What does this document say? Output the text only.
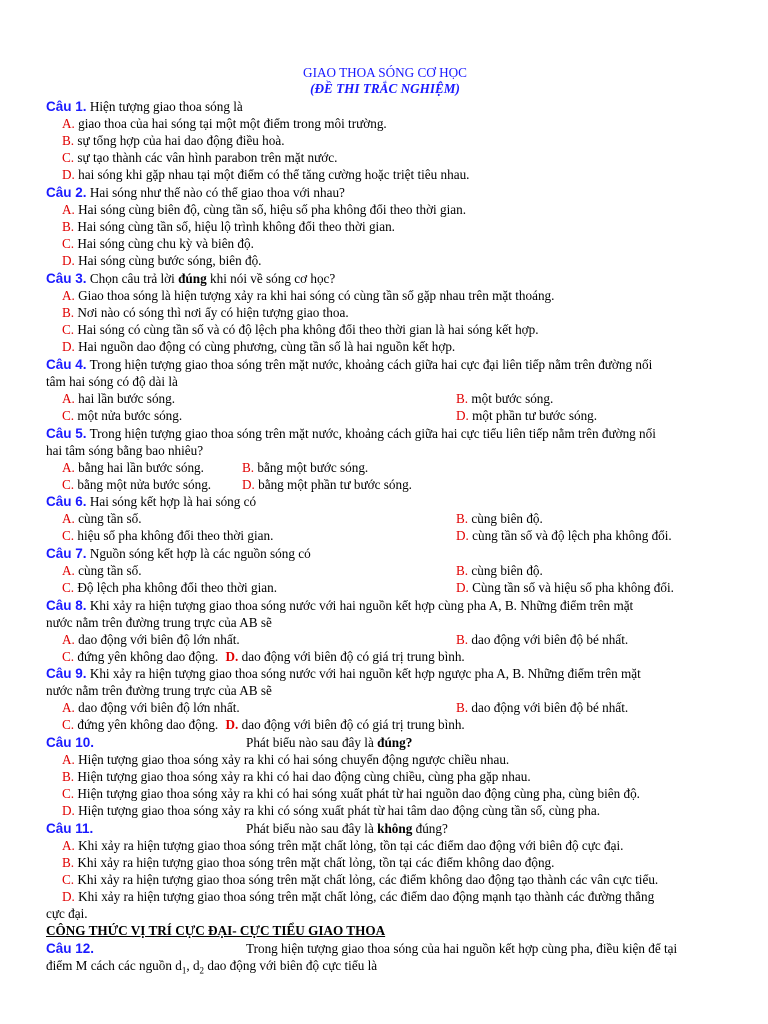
GIAO THOA SÓNG CƠ HỌC
(ĐỀ THI TRẮC NGHIỆM)
Câu 1. Hiện tượng giao thoa sóng là
A. giao thoa của hai sóng tại một một điểm trong môi trường.
B. sự tổng hợp của hai dao động điều hoà.
C. sự tạo thành các vân hình parabon trên mặt nước.
D. hai sóng khi gặp nhau tại một điểm có thể tăng cường hoặc triệt tiêu nhau.
Câu 2. Hai sóng như thế nào có thể giao thoa với nhau?
A. Hai sóng cùng biên độ, cùng tần số, hiệu số pha không đổi theo thời gian.
B. Hai sóng cùng tần số, hiệu lộ trình không đổi theo thời gian.
C. Hai sóng cùng chu kỳ và biên độ.
D. Hai sóng cùng bước sóng, biên độ.
Câu 3. Chọn câu trả lời đúng khi nói về sóng cơ học?
A. Giao thoa sóng là hiện tượng xảy ra khi hai sóng có cùng tần số gặp nhau trên mặt thoáng.
B. Nơi nào có sóng thì nơi ấy có hiện tượng giao thoa.
C. Hai sóng có cùng tần số và có độ lệch pha không đổi theo thời gian là hai sóng kết hợp.
D. Hai nguồn dao động có cùng phương, cùng tần số là hai nguồn kết hợp.
Câu 4. Trong hiện tượng giao thoa sóng trên mặt nước, khoảng cách giữa hai cực đại liên tiếp nằm trên đường nối
tâm hai sóng có độ dài là
A. hai lần bước sóng.	B. một bước sóng.
C. một nửa bước sóng.	D. một phần tư bước sóng.
Câu 5. Trong hiện tượng giao thoa sóng trên mặt nước, khoảng cách giữa hai cực tiểu liên tiếp nằm trên đường nối
hai tâm sóng bằng bao nhiêu?
A. bằng hai lần bước sóng.	B. bằng một bước sóng.
C. bằng một nửa bước sóng. D. bằng một phần tư bước sóng.
Câu 6. Hai sóng kết hợp là hai sóng có
A. cùng tần số.	B. cùng biên độ.
C. hiệu số pha không đổi theo thời gian.	D. cùng tần số và độ lệch pha không đổi.
Câu 7. Nguồn sóng kết hợp là các nguồn sóng có
A. cùng tần số.	B. cùng biên độ.
C. Độ lệch pha không đổi theo thời gian.	D. Cùng tần số và hiệu số pha không đổi.
Câu 8. Khi xảy ra hiện tượng giao thoa sóng nước với hai nguồn kết hợp cùng pha A, B. Những điểm trên mặt
nước nằm trên đường trung trực của AB sẽ
A. dao động với biên độ lớn nhất.	B. dao động với biên độ bé nhất.
C. đứng yên không dao động. D. dao động với biên độ có giá trị trung bình.
Câu 9. Khi xảy ra hiện tượng giao thoa sóng nước với hai nguồn kết hợp ngược pha A, B. Những điểm trên mặt
nước nằm trên đường trung trực của AB sẽ
A. dao động với biên độ lớn nhất.	B. dao động với biên độ bé nhất.
C. đứng yên không dao động. D. dao động với biên độ có giá trị trung bình.
Câu 10.	Phát biểu nào sau đây là đúng?
A. Hiện tượng giao thoa sóng xảy ra khi có hai sóng chuyển động ngược chiều nhau.
B. Hiện tượng giao thoa sóng xảy ra khi có hai dao động cùng chiều, cùng pha gặp nhau.
C. Hiện tượng giao thoa sóng xảy ra khi có hai sóng xuất phát từ hai nguồn dao động cùng pha, cùng biên độ.
D. Hiện tượng giao thoa sóng xảy ra khi có sóng xuất phát từ hai tâm dao động cùng tần số, cùng pha.
Câu 11.	Phát biểu nào sau đây là không đúng?
A. Khi xảy ra hiện tượng giao thoa sóng trên mặt chất lỏng, tồn tại các điểm dao động với biên độ cực đại.
B. Khi xảy ra hiện tượng giao thoa sóng trên mặt chất lỏng, tồn tại các điểm không dao động.
C. Khi xảy ra hiện tượng giao thoa sóng trên mặt chất lỏng, các điểm không dao động tạo thành các vân cực tiểu.
D. Khi xảy ra hiện tượng giao thoa sóng trên mặt chất lỏng, các điểm dao động mạnh tạo thành các đường thẳng
cực đại.
CÔNG THỨC VỊ TRÍ CỰC ĐẠI- CỰC TIỂU GIAO THOA
Câu 12.	Trong hiện tượng giao thoa sóng của hai nguồn kết hợp cùng pha, điều kiện để tại
điểm M cách các nguồn $d_1$, $d_2$ dao động với biên độ cực tiểu là
